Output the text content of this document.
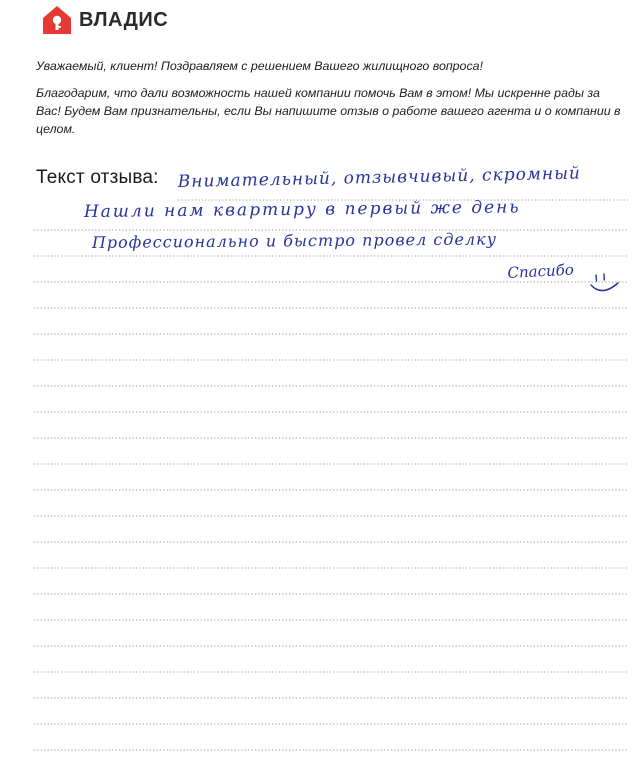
ВЛАДИС

Уважаемый, клиент! Поздравляем с решением Вашего жилищного вопроса!

Благодарим, что дали возможность нашей компании помочь Вам в этом! Мы искренне рады за Вас! Будем Вам признательны, если Вы напишите отзыв о работе вашего агента и о компании в целом.

Текст отзыва: Внимательный, отзывчивый, скромный
Нашли нам квартиру в первый же день
Профессионально и быстро провел сделку
Спасибо
